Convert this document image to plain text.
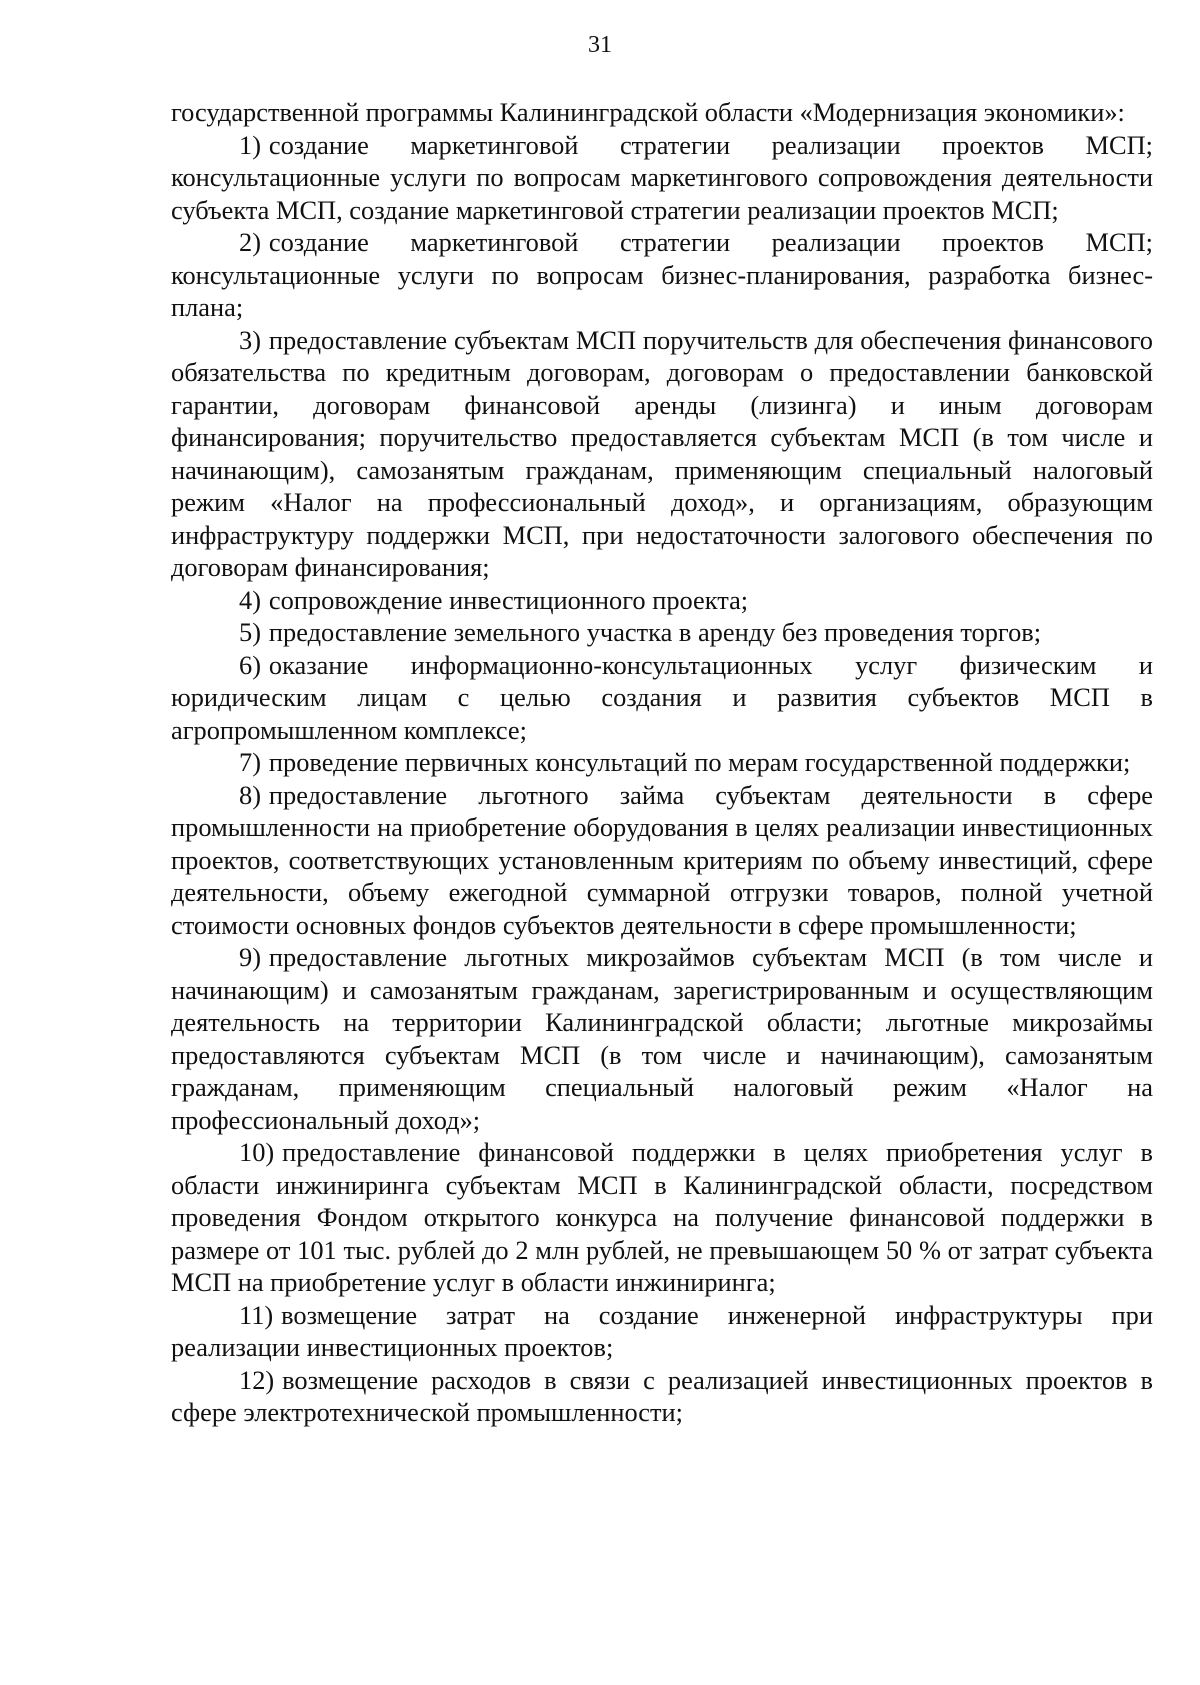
31

государственной программы Калининградской области «Модернизация экономики»:

1) создание маркетинговой стратегии реализации проектов МСП; консультационные услуги по вопросам маркетингового сопровождения деятельности субъекта МСП, создание маркетинговой стратегии реализации проектов МСП;

2) создание маркетинговой стратегии реализации проектов МСП; консультационные услуги по вопросам бизнес-планирования, разработка бизнес-плана;

3) предоставление субъектам МСП поручительств для обеспечения финансового обязательства по кредитным договорам, договорам о предоставлении банковской гарантии, договорам финансовой аренды (лизинга) и иным договорам финансирования; поручительство предоставляется субъектам МСП (в том числе и начинающим), самозанятым гражданам, применяющим специальный налоговый режим «Налог на профессиональный доход», и организациям, образующим инфраструктуру поддержки МСП, при недостаточности залогового обеспечения по договорам финансирования;

4) сопровождение инвестиционного проекта;

5) предоставление земельного участка в аренду без проведения торгов;

6) оказание информационно-консультационных услуг физическим и юридическим лицам с целью создания и развития субъектов МСП в агропромышленном комплексе;

7) проведение первичных консультаций по мерам государственной поддержки;

8) предоставление льготного займа субъектам деятельности в сфере промышленности на приобретение оборудования в целях реализации инвестиционных проектов, соответствующих установленным критериям по объему инвестиций, сфере деятельности, объему ежегодной суммарной отгрузки товаров, полной учетной стоимости основных фондов субъектов деятельности в сфере промышленности;

9) предоставление льготных микрозаймов субъектам МСП (в том числе и начинающим) и самозанятым гражданам, зарегистрированным и осуществляющим деятельность на территории Калининградской области; льготные микрозаймы предоставляются субъектам МСП (в том числе и начинающим), самозанятым гражданам, применяющим специальный налоговый режим «Налог на профессиональный доход»;

10) предоставление финансовой поддержки в целях приобретения услуг в области инжиниринга субъектам МСП в Калининградской области, посредством проведения Фондом открытого конкурса на получение финансовой поддержки в размере от 101 тыс. рублей до 2 млн рублей, не превышающем 50 % от затрат субъекта МСП на приобретение услуг в области инжиниринга;

11) возмещение затрат на создание инженерной инфраструктуры при реализации инвестиционных проектов;

12) возмещение расходов в связи с реализацией инвестиционных проектов в сфере электротехнической промышленности;
